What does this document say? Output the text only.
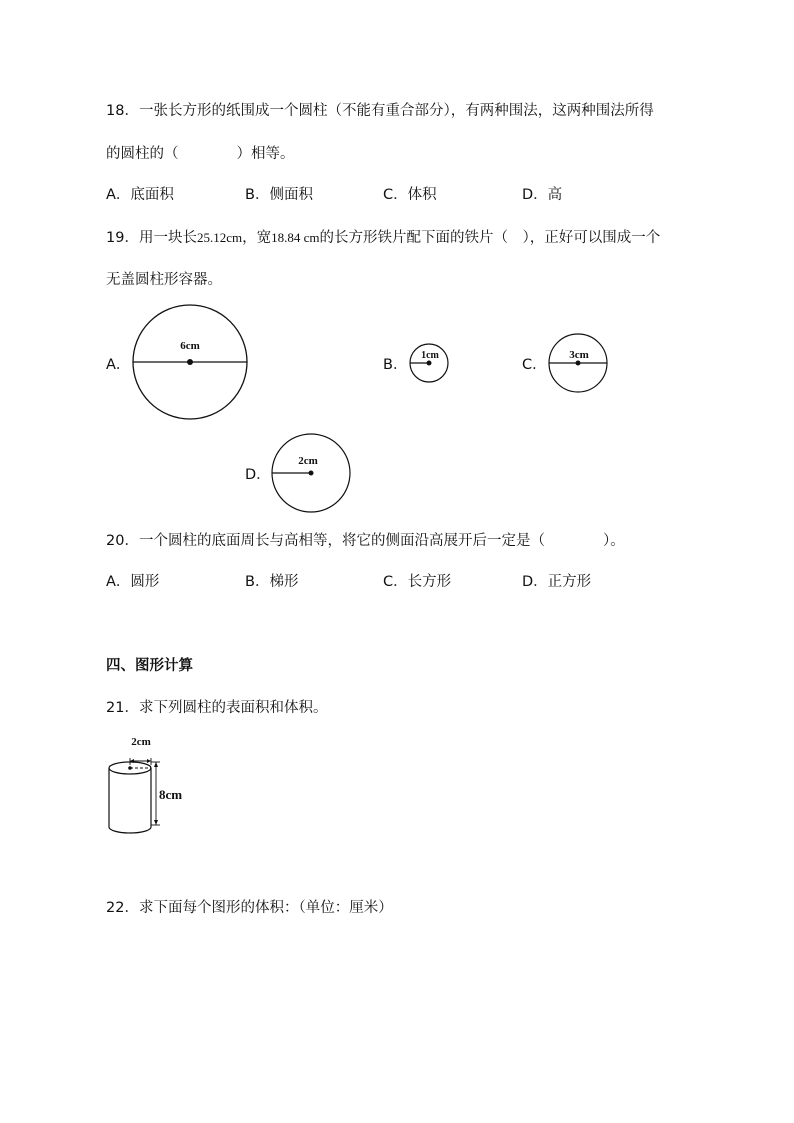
18．一张长方形的纸围成一个圆柱（不能有重合部分），有两种围法，这两种围法所得
的圆柱的（　　　　）相等。
A．底面积	B．侧面积	C．体积	D．高
19．用一块长25.12cm，宽18.84 cm的长方形铁片配下面的铁片（　），正好可以围成一个
无盖圆柱形容器。
A．
6cm
B．
1cm
C．
3cm
D．
2cm
20．一个圆柱的底面周长与高相等，将它的侧面沿高展开后一定是（　　　　）。
A．圆形	B．梯形	C．长方形	D．正方形
四、图形计算
21．求下列圆柱的表面积和体积。
2cm
8cm
22．求下面每个图形的体积：（单位：厘米）
